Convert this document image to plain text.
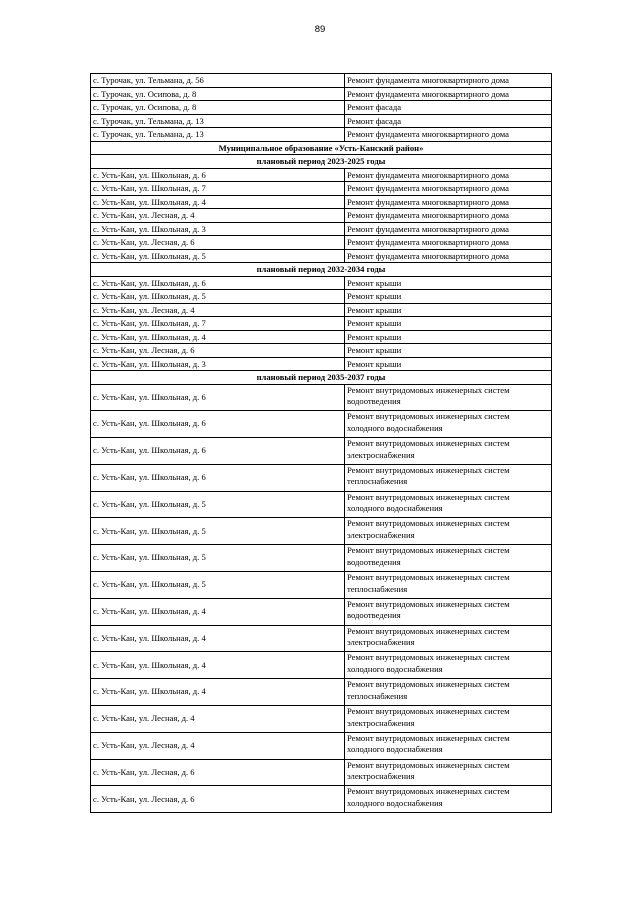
89
с. Турочак, ул. Тельмана, д. 56	Ремонт фундамента многоквартирного дома

с. Турочак, ул. Осипова, д. 8	Ремонт фундамента многоквартирного дома

с. Турочак, ул. Осипова, д. 8	Ремонт фасада

с. Турочак, ул. Тельмана, д. 13	Ремонт фасада

с. Турочак, ул. Тельмана, д. 13	Ремонт фундамента многоквартирного дома

Муниципальное образование «Усть-Канский район»	
плановый период 2023-2025 годы	
с. Усть-Кан, ул. Школьная, д. 6	Ремонт фундамента многоквартирного дома

с. Усть-Кан, ул. Школьная, д. 7	Ремонт фундамента многоквартирного дома

с. Усть-Кан, ул. Школьная, д. 4	Ремонт фундамента многоквартирного дома

с. Усть-Кан, ул. Лесная, д. 4	Ремонт фундамента многоквартирного дома

с. Усть-Кан, ул. Школьная, д. 3	Ремонт фундамента многоквартирного дома

с. Усть-Кан, ул. Лесная, д. 6	Ремонт фундамента многоквартирного дома

с. Усть-Кан, ул. Школьная, д. 5	Ремонт фундамента многоквартирного дома

плановый период 2032-2034 годы	
с. Усть-Кан, ул. Школьная, д. 6	Ремонт крыши

с. Усть-Кан, ул. Школьная, д. 5	Ремонт крыши

с. Усть-Кан, ул. Лесная, д. 4	Ремонт крыши

с. Усть-Кан, ул. Школьная, д. 7	Ремонт крыши

с. Усть-Кан, ул. Школьная, д. 4	Ремонт крыши

с. Усть-Кан, ул. Лесная, д. 6	Ремонт крыши

с. Усть-Кан, ул. Школьная, д. 3	Ремонт крыши

плановый период 2035-2037 годы	
с. Усть-Кан, ул. Школьная, д. 6	Ремонт внутридомовых инженерных систем
водоотведения

с. Усть-Кан, ул. Школьная, д. 6	Ремонт внутридомовых инженерных систем
холодного водоснабжения

с. Усть-Кан, ул. Школьная, д. 6	Ремонт внутридомовых инженерных систем
электроснабжения

с. Усть-Кан, ул. Школьная, д. 6	Ремонт внутридомовых инженерных систем
теплоснабжения

с. Усть-Кан, ул. Школьная, д. 5	Ремонт внутридомовых инженерных систем
холодного водоснабжения

с. Усть-Кан, ул. Школьная, д. 5	Ремонт внутридомовых инженерных систем
электроснабжения

с. Усть-Кан, ул. Школьная, д. 5	Ремонт внутридомовых инженерных систем
водоотведения

с. Усть-Кан, ул. Школьная, д. 5	Ремонт внутридомовых инженерных систем
теплоснабжения

с. Усть-Кан, ул. Школьная, д. 4	Ремонт внутридомовых инженерных систем
водоотведения

с. Усть-Кан, ул. Школьная, д. 4	Ремонт внутридомовых инженерных систем
электроснабжения

с. Усть-Кан, ул. Школьная, д. 4	Ремонт внутридомовых инженерных систем
холодного водоснабжения

с. Усть-Кан, ул. Школьная, д. 4	Ремонт внутридомовых инженерных систем
теплоснабжения

с. Усть-Кан, ул. Лесная, д. 4	Ремонт внутридомовых инженерных систем
электроснабжения

с. Усть-Кан, ул. Лесная, д. 4	Ремонт внутридомовых инженерных систем
холодного водоснабжения

с. Усть-Кан, ул. Лесная, д. 6	Ремонт внутридомовых инженерных систем
электроснабжения

с. Усть-Кан, ул. Лесная, д. 6	Ремонт внутридомовых инженерных систем
холодного водоснабжения
